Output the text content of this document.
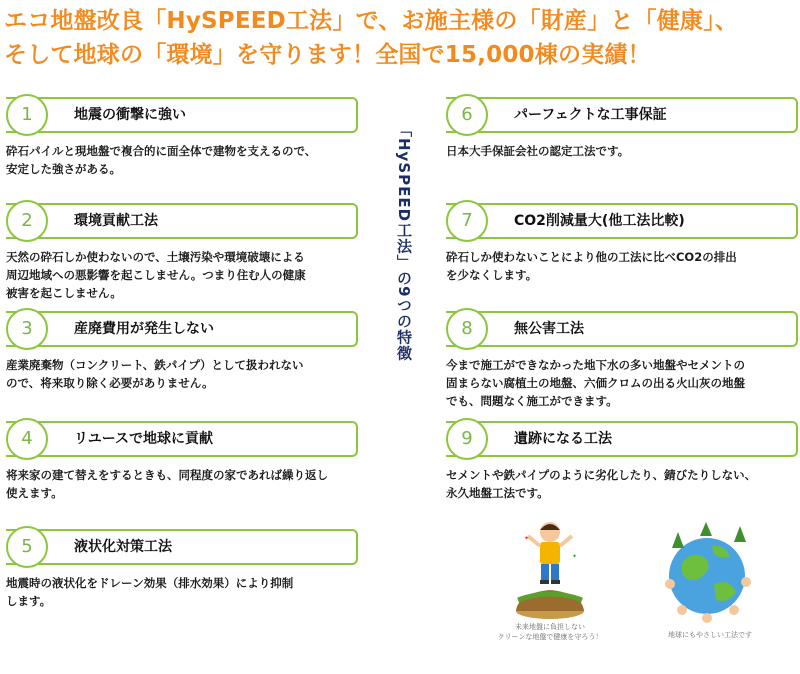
エコ地盤改良「HySPEED工法」で、お施主様の「財産」と「健康」、
そして地球の「環境」を守ります！全国で15,000棟の実績！
「HySPEED工法」の9つの特徴
1	地震の衝撃に強い
砕石パイルと現地盤で複合的に面全体で建物を支えるので、
安定した強さがある。
2	環境貢献工法
天然の砕石しか使わないので、土壌汚染や環境破壊による
周辺地域への悪影響を起こしません。つまり住む人の健康
被害を起こしません。
3	産廃費用が発生しない
産業廃棄物（コンクリート、鉄パイプ）として扱われない
ので、将来取り除く必要がありません。
4	リユースで地球に貢献
将来家の建て替えをするときも、同程度の家であれば繰り返し
使えます。
5	液状化対策工法
地震時の液状化をドレーン効果（排水効果）により抑制
します。
6	パーフェクトな工事保証
日本大手保証会社の認定工法です。
7	CO2削減量大(他工法比較)
砕石しか使わないことにより他の工法に比べCO2の排出
を少なくします。
8	無公害工法
今まで施工ができなかった地下水の多い地盤やセメントの
固まらない腐植土の地盤、六価クロムの出る火山灰の地盤
でも、問題なく施工ができます。
9	遺跡になる工法
セメントや鉄パイプのように劣化したり、錆びたりしない、
永久地盤工法です。
✦
✦
未来地盤に負担しない
クリーンな地盤で健康を守ろう！	地球にもやさしい工法です
